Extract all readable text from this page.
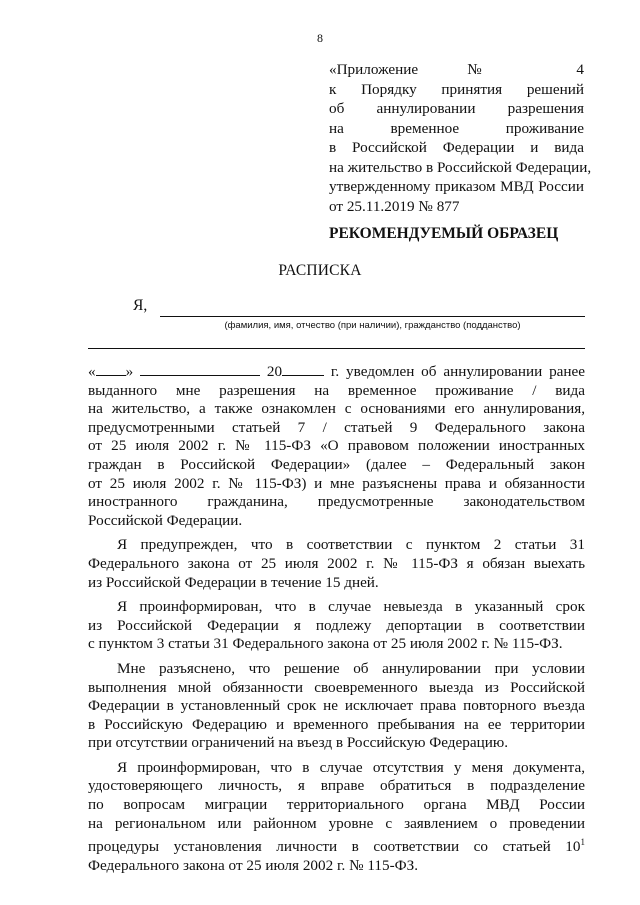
8
«Приложение № 4
к Порядку принятия решений
об аннулировании разрешения
на временное проживание
в Российской Федерации и вида
на жительство в Российской Федерации,
утвержденному приказом МВД России
от 25.11.2019 № 877
РЕКОМЕНДУЕМЫЙ ОБРАЗЕЦ
РАСПИСКА
Я,
(фамилия, имя, отчество (при наличии), гражданство (подданство)
« »	20	г. уведомлен об аннулировании ранее
выданного мне разрешения на временное проживание / вида
на жительство, а также ознакомлен с основаниями его аннулирования,
предусмотренными статьей 7 / статьей 9 Федерального закона
от 25 июля 2002 г. № 115-ФЗ «О правовом положении иностранных
граждан в Российской Федерации» (далее – Федеральный закон
от 25 июля 2002 г. № 115-ФЗ) и мне разъяснены права и обязанности
иностранного гражданина, предусмотренные законодательством
Российской Федерации.
Я предупрежден, что в соответствии с пунктом 2 статьи 31
Федерального закона от 25 июля 2002 г. № 115-ФЗ я обязан выехать
из Российской Федерации в течение 15 дней.
Я проинформирован, что в случае невыезда в указанный срок
из Российской Федерации я подлежу депортации в соответствии
с пунктом 3 статьи 31 Федерального закона от 25 июля 2002 г. № 115-ФЗ.
Мне разъяснено, что решение об аннулировании при условии
выполнения мной обязанности своевременного выезда из Российской
Федерации в установленный срок не исключает права повторного въезда
в Российскую Федерацию и временного пребывания на ее территории
при отсутствии ограничений на въезд в Российскую Федерацию.
Я проинформирован, что в случае отсутствия у меня документа,
удостоверяющего личность, я вправе обратиться в подразделение
по вопросам миграции территориального органа МВД России
на региональном или районном уровне с заявлением о проведении
процедуры установления личности в соответствии со статьей $10^1$
Федерального закона от 25 июля 2002 г. № 115-ФЗ.
